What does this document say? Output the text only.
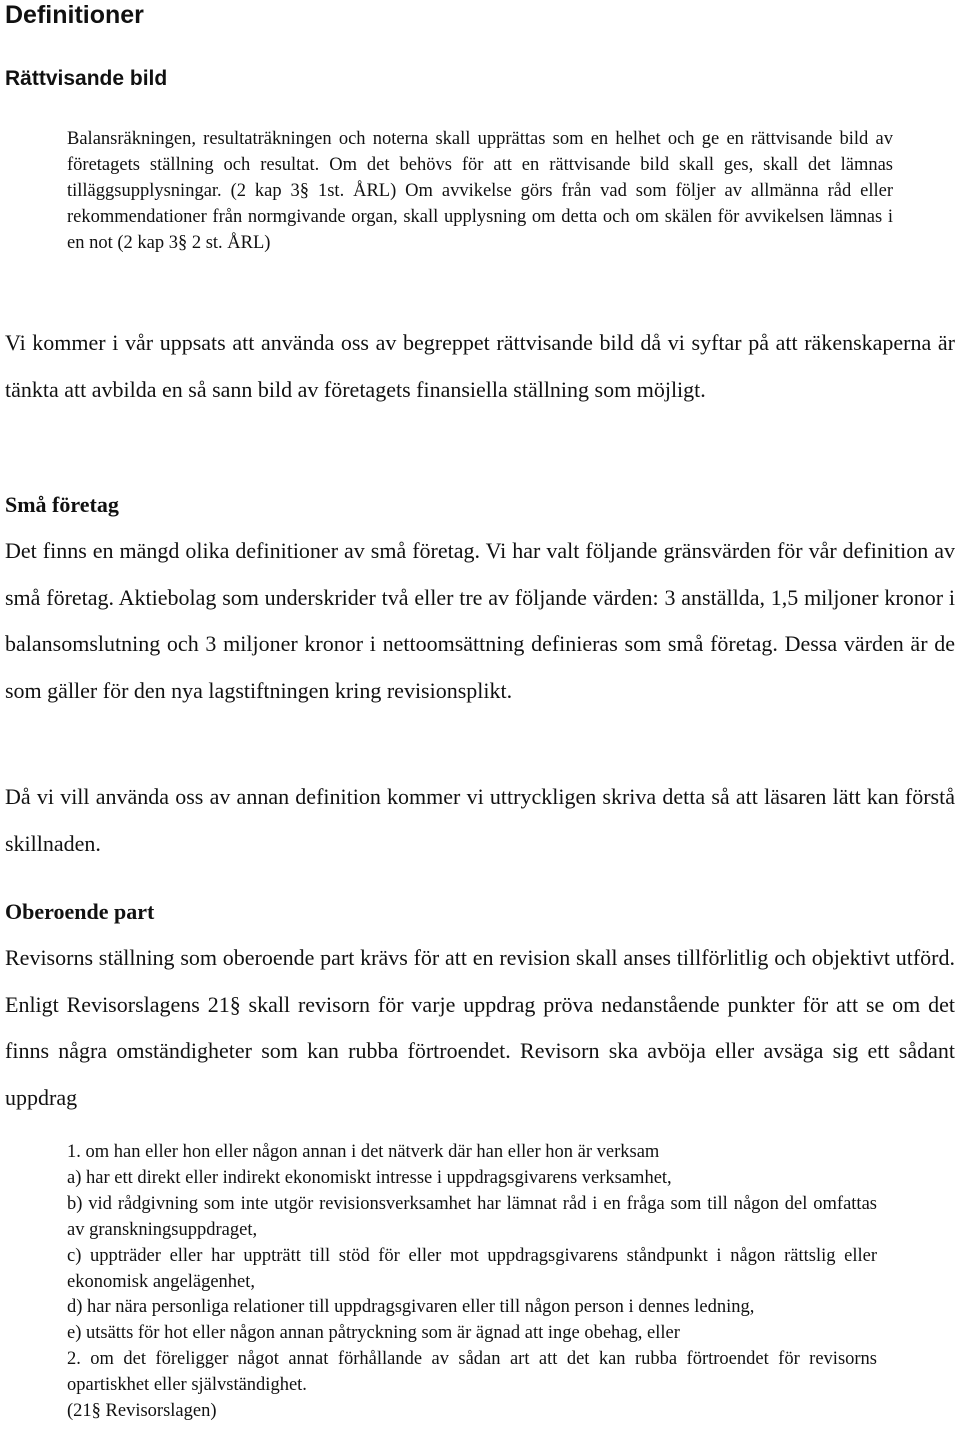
Definitioner
Rättvisande bild

Balansräkningen, resultaträkningen och noterna skall upprättas som en helhet och ge en rättvisande bild av företagets ställning och resultat. Om det behövs för att en rättvisande bild skall ges, skall det lämnas tilläggsupplysningar. (2 kap 3§ 1st. ÅRL) Om avvikelse görs från vad som följer av allmänna råd eller rekommendationer från normgivande organ, skall upplysning om detta och om skälen för avvikelsen lämnas i en not (2 kap 3§ 2 st. ÅRL)

Vi kommer i vår uppsats att använda oss av begreppet rättvisande bild då vi syftar på att räkenskaperna är tänkta att avbilda en så sann bild av företagets finansiella ställning som möjligt.

Små företag

Det finns en mängd olika definitioner av små företag. Vi har valt följande gränsvärden för vår definition av små företag. Aktiebolag som underskrider två eller tre av följande värden: 3 anställda, 1,5 miljoner kronor i balansomslutning och 3 miljoner kronor i nettoomsättning definieras som små företag. Dessa värden är de som gäller för den nya lagstiftningen kring revisionsplikt.

Då vi vill använda oss av annan definition kommer vi uttryckligen skriva detta så att läsaren lätt kan förstå skillnaden.

Oberoende part

Revisorns ställning som oberoende part krävs för att en revision skall anses tillförlitlig och objektivt utförd. Enligt Revisorslagens 21§ skall revisorn för varje uppdrag pröva nedanstående punkter för att se om det finns några omständigheter som kan rubba förtroendet. Revisorn ska avböja eller avsäga sig ett sådant uppdrag

1. om han eller hon eller någon annan i det nätverk där han eller hon är verksam
a) har ett direkt eller indirekt ekonomiskt intresse i uppdragsgivarens verksamhet,
b) vid rådgivning som inte utgör revisionsverksamhet har lämnat råd i en fråga som till någon del omfattas av granskningsuppdraget,
c) uppträder eller har uppträtt till stöd för eller mot uppdragsgivarens ståndpunkt i någon rättslig eller ekonomisk angelägenhet,
d) har nära personliga relationer till uppdragsgivaren eller till någon person i dennes ledning,
e) utsätts för hot eller någon annan påtryckning som är ägnad att inge obehag, eller
2. om det föreligger något annat förhållande av sådan art att det kan rubba förtroendet för revisorns opartiskhet eller självständighet.
(21§ Revisorslagen)
